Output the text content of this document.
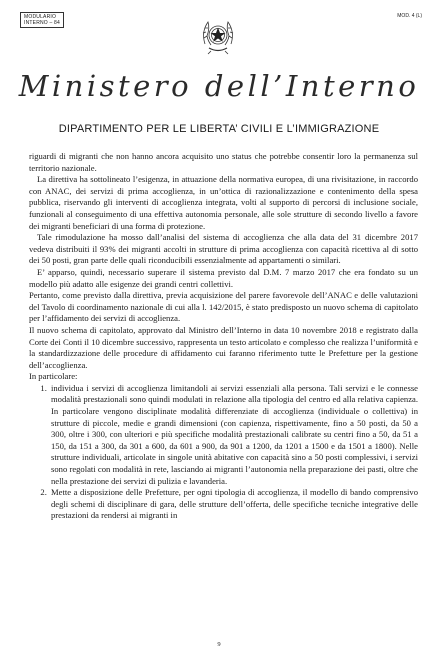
MODULARIO
INTERNO – 84
MOD. 4 (L)
Ministero dell’Interno
DIPARTIMENTO PER LE LIBERTA’ CIVILI E L’IMMIGRAZIONE

riguardi di migranti che non hanno ancora acquisito uno status che potrebbe consentir loro la permanenza sul territorio nazionale.

La direttiva ha sottolineato l’esigenza, in attuazione della normativa europea, di una rivisitazione, in raccordo con ANAC, dei servizi di prima accoglienza, in un’ottica di razionalizzazione e contenimento della spesa pubblica, riservando gli interventi di accoglienza integrata, volti al supporto di percorsi di inclusione sociale, funzionali al conseguimento di una effettiva autonomia personale, alle sole strutture di secondo livello a favore dei migranti beneficiari di una forma di protezione.

Tale rimodulazione ha mosso dall’analisi del sistema di accoglienza che alla data del 31 dicembre 2017 vedeva distribuiti il 93% dei migranti accolti in strutture di prima accoglienza con capacità ricettiva al di sotto dei 50 posti, gran parte delle quali riconducibili essenzialmente ad appartamenti o similari.

E’ apparso, quindi, necessario superare il sistema previsto dal D.M. 7 marzo 2017 che era fondato su un modello più adatto alle esigenze dei grandi centri collettivi.

Pertanto, come previsto dalla direttiva, previa acquisizione del parere favorevole dell’ANAC e delle valutazioni del Tavolo di coordinamento nazionale di cui alla l. 142/2015, è stato predisposto un nuovo schema di capitolato per l’affidamento dei servizi di accoglienza.

Il nuovo schema di capitolato, approvato dal Ministro dell’Interno in data 10 novembre 2018 e registrato dalla Corte dei Conti il 10 dicembre successivo, rappresenta un testo articolato e complesso che realizza l’uniformità e la standardizzazione delle procedure di affidamento cui faranno riferimento tutte le Prefetture per la gestione dell’accoglienza.

In particolare:

1. individua i servizi di accoglienza limitandoli ai servizi essenziali alla persona. Tali servizi e le connesse modalità prestazionali sono quindi modulati in relazione alla tipologia del centro ed alla relativa capienza. In particolare vengono disciplinate modalità differenziate di accoglienza (individuale o collettiva) in strutture di piccole, medie e grandi dimensioni (con capienza, rispettivamente, fino a 50 posti, da 50 a 300, oltre i 300, con ulteriori e più specifiche modalità prestazionali calibrate su centri fino a 50, da 51 a 150, da 151 a 300, da 301 a 600, da 601 a 900, da 901 a 1200, da 1201 a 1500 e da 1501 a 1800). Nelle strutture individuali, articolate in singole unità abitative con capacità sino a 50 posti complessivi, i servizi sono regolati con modalità in rete, lasciando ai migranti l’autonomia nella preparazione dei pasti, oltre che nella prestazione dei servizi di pulizia e lavanderia.
2. Mette a disposizione delle Prefetture, per ogni tipologia di accoglienza, il modello di bando comprensivo degli schemi di disciplinare di gara, delle strutture dell’offerta, delle specifiche tecniche integrative delle prestazioni da rendersi ai migranti in
9
